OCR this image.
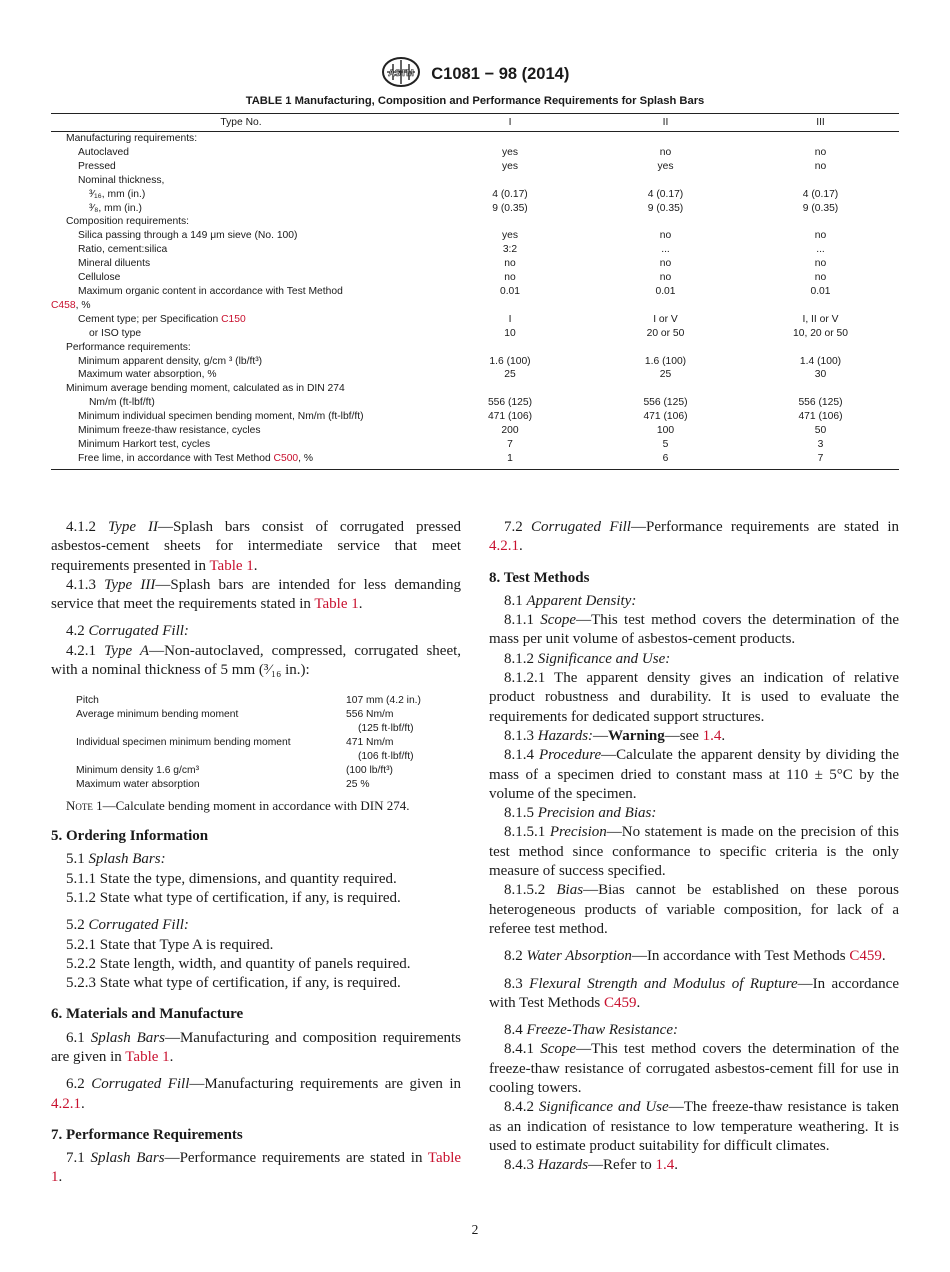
ASTM C1081 − 98 (2014)
TABLE 1 Manufacturing, Composition and Performance Requirements for Splash Bars
Type No.	I	II	III
Manufacturing requirements:			
Autoclaved	yes	no	no
Pressed	yes	yes	no
Nominal thickness,			
³⁄₁₆, mm (in.)	4 (0.17)	4 (0.17)	4 (0.17)
³⁄₈, mm (in.)	9 (0.35)	9 (0.35)	9 (0.35)
Composition requirements:			
Silica passing through a 149 μm sieve (No. 100)	yes	no	no
Ratio, cement:silica	3:2	...	...
Mineral diluents	no	no	no
Cellulose	no	no	no
Maximum organic content in accordance with Test Method	0.01	0.01	0.01
C458, %			
Cement type; per Specification C150	I	I or V	I, II or V
or ISO type	10	20 or 50	10, 20 or 50
Performance requirements:			
Minimum apparent density, g/cm ³ (lb/ft³)	1.6 (100)	1.6 (100)	1.4 (100)
Maximum water absorption, %	25	25	30
Minimum average bending moment, calculated as in DIN 274			
Nm/m (ft-lbf/ft)	556 (125)	556 (125)	556 (125)
Minimum individual specimen bending moment, Nm/m (ft-lbf/ft)	471 (106)	471 (106)	471 (106)
Minimum freeze-thaw resistance, cycles	200	100	50
Minimum Harkort test, cycles	7	5	3
Free lime, in accordance with Test Method C500, %	1	6	7

4.1.2 Type II—Splash bars consist of corrugated pressed asbestos-cement sheets for intermediate service that meet requirements presented in Table 1.

4.1.3 Type III—Splash bars are intended for less demanding service that meet the requirements stated in Table 1.

4.2 Corrugated Fill:

4.2.1 Type A—Non-autoclaved, compressed, corrugated sheet, with a nominal thickness of 5 mm (³⁄₁₆ in.):

Pitch	107 mm (4.2 in.)
Average minimum bending moment	556 Nm/m
(125 ft·lbf/ft)

Individual specimen minimum bending moment	471 Nm/m
(106 ft·lbf/ft)

Minimum density 1.6 g/cm³	(100 lb/ft³)
Maximum water absorption	25 %

Note 1—Calculate bending moment in accordance with DIN 274.

5. Ordering Information

5.1 Splash Bars:

5.1.1 State the type, dimensions, and quantity required.

5.1.2 State what type of certification, if any, is required.

5.2 Corrugated Fill:

5.2.1 State that Type A is required.

5.2.2 State length, width, and quantity of panels required.

5.2.3 State what type of certification, if any, is required.

6. Materials and Manufacture

6.1 Splash Bars—Manufacturing and composition requirements are given in Table 1.

6.2 Corrugated Fill—Manufacturing requirements are given in 4.2.1.

7. Performance Requirements

7.1 Splash Bars—Performance requirements are stated in Table 1.

7.2 Corrugated Fill—Performance requirements are stated in 4.2.1.

8. Test Methods

8.1 Apparent Density:

8.1.1 Scope—This test method covers the determination of the mass per unit volume of asbestos-cement products.

8.1.2 Significance and Use:

8.1.2.1 The apparent density gives an indication of relative product robustness and durability. It is used to evaluate the requirements for dedicated support structures.

8.1.3 Hazards:—Warning—see 1.4.

8.1.4 Procedure—Calculate the apparent density by dividing the mass of a specimen dried to constant mass at 110 ± 5°C by the volume of the specimen.

8.1.5 Precision and Bias:

8.1.5.1 Precision—No statement is made on the precision of this test method since conformance to specific criteria is the only measure of success specified.

8.1.5.2 Bias—Bias cannot be established on these porous heterogeneous products of variable composition, for lack of a referee test method.

8.2 Water Absorption—In accordance with Test Methods C459.

8.3 Flexural Strength and Modulus of Rupture—In accordance with Test Methods C459.

8.4 Freeze-Thaw Resistance:

8.4.1 Scope—This test method covers the determination of the freeze-thaw resistance of corrugated asbestos-cement fill for use in cooling towers.

8.4.2 Significance and Use—The freeze-thaw resistance is taken as an indication of resistance to low temperature weathering. It is used to estimate product suitability for difficult climates.

8.4.3 Hazards—Refer to 1.4.

2
